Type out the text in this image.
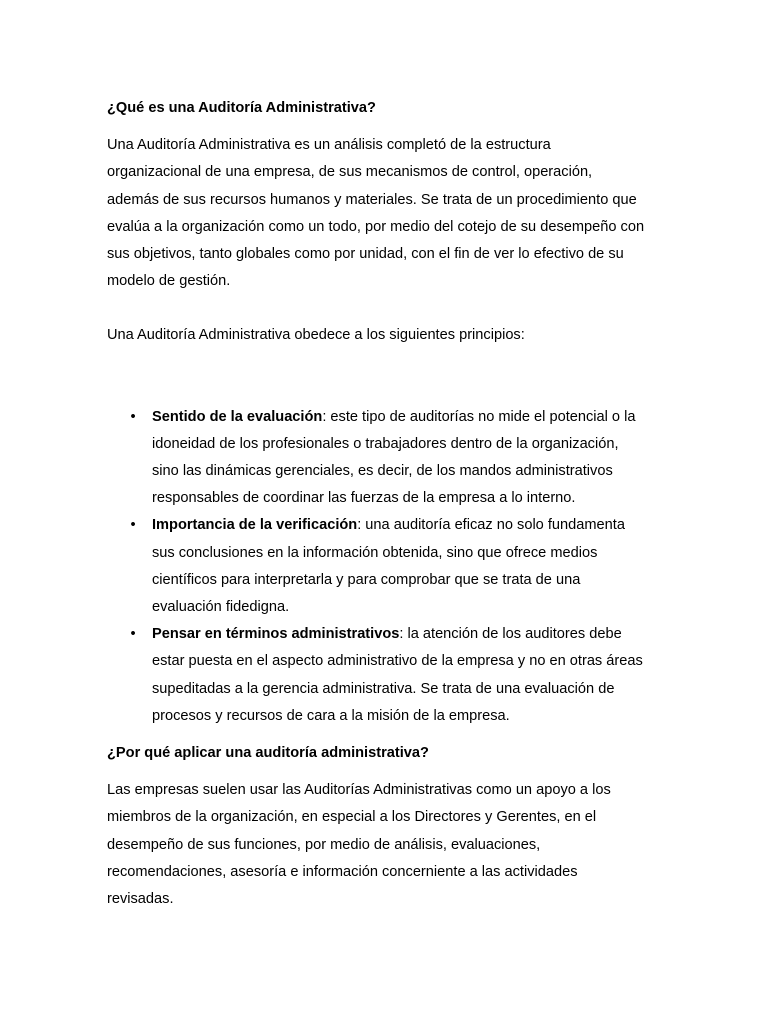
¿Qué es una Auditoría Administrativa?

Una Auditoría Administrativa es un análisis completó de la estructura
organizacional de una empresa, de sus mecanismos de control, operación,
además de sus recursos humanos y materiales. Se trata de un procedimiento que
evalúa a la organización como un todo, por medio del cotejo de su desempeño con
sus objetivos, tanto globales como por unidad, con el fin de ver lo efectivo de su
modelo de gestión.

Una Auditoría Administrativa obedece a los siguientes principios:

• Sentido de la evaluación: este tipo de auditorías no mide el potencial o la
idoneidad de los profesionales o trabajadores dentro de la organización,
sino las dinámicas gerenciales, es decir, de los mandos administrativos
responsables de coordinar las fuerzas de la empresa a lo interno.
• Importancia de la verificación: una auditoría eficaz no solo fundamenta
sus conclusiones en la información obtenida, sino que ofrece medios
científicos para interpretarla y para comprobar que se trata de una
evaluación fidedigna.
• Pensar en términos administrativos: la atención de los auditores debe
estar puesta en el aspecto administrativo de la empresa y no en otras áreas
supeditadas a la gerencia administrativa. Se trata de una evaluación de
procesos y recursos de cara a la misión de la empresa.

¿Por qué aplicar una auditoría administrativa?

Las empresas suelen usar las Auditorías Administrativas como un apoyo a los
miembros de la organización, en especial a los Directores y Gerentes, en el
desempeño de sus funciones, por medio de análisis, evaluaciones,
recomendaciones, asesoría e información concerniente a las actividades
revisadas.
